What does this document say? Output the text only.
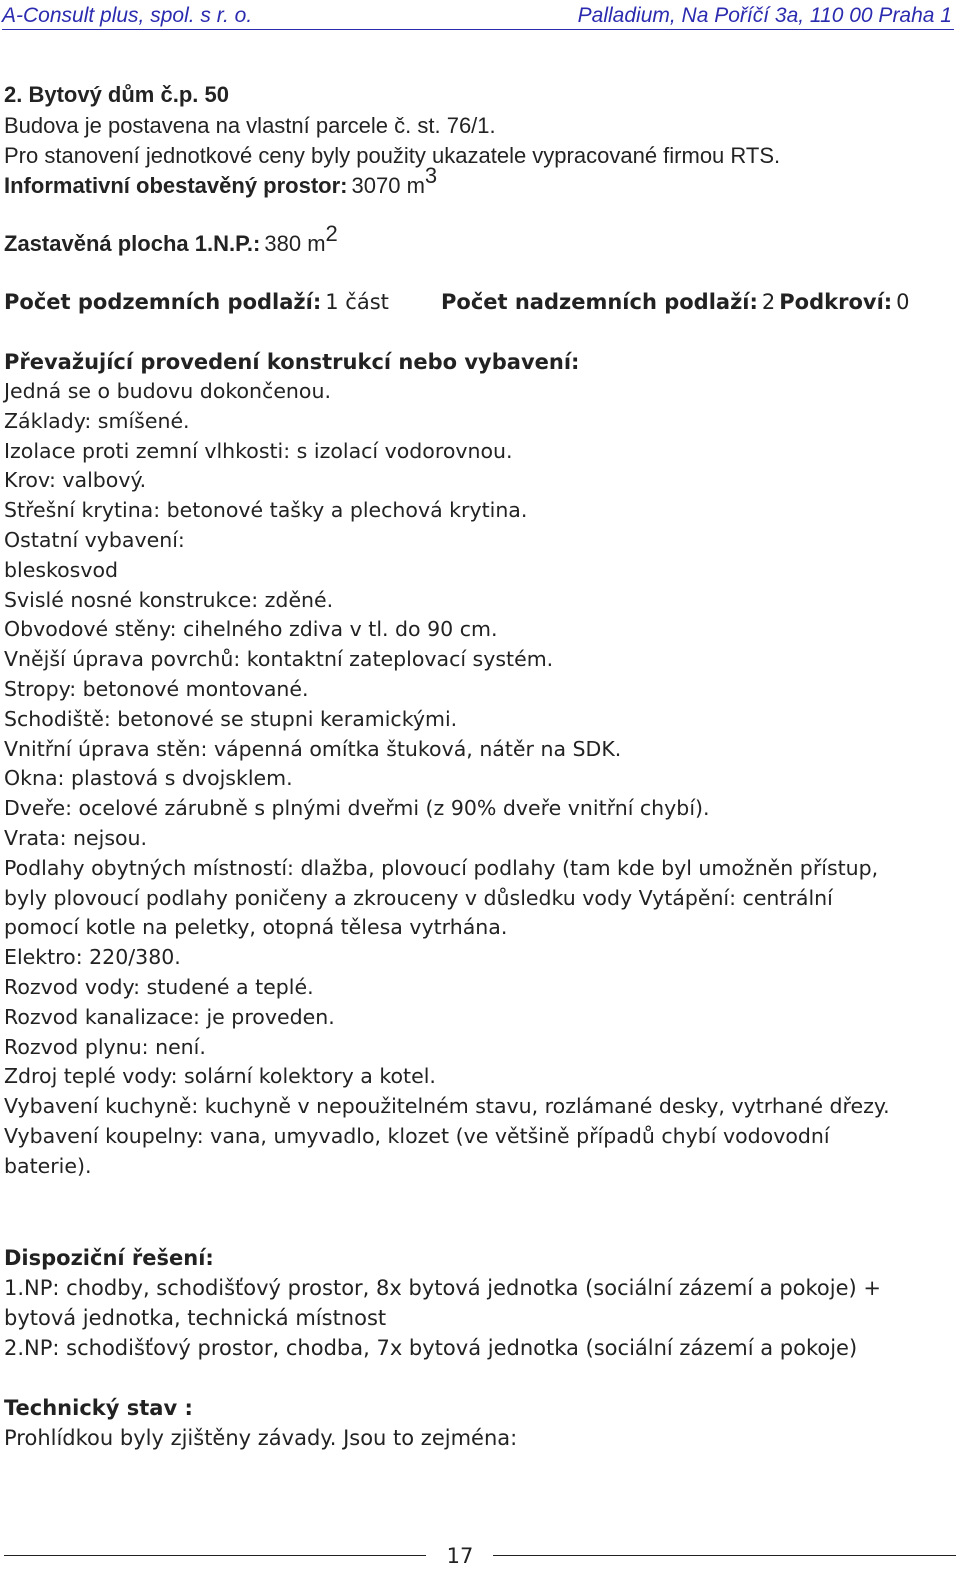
A-Consult plus, spol. s r. o.	Palladium, Na Poříčí 3a, 110 00 Praha 1
2. Bytový dům č.p. 50
Budova je postavena na vlastní parcele č. st. 76/1.
Pro stanovení jednotkové ceny byly použity ukazatele vypracované firmou RTS.
Informativní obestavěný prostor: 3070 $m^3$
Zastavěná plocha 1.N.P.: 380 $m^2$
Počet podzemních podlaží: 1 část Počet nadzemních podlaží: 2 Podkroví: 0
Převažující provedení konstrukcí nebo vybavení:
Jedná se o budovu dokončenou.
Základy: smíšené.
Izolace proti zemní vlhkosti: s izolací vodorovnou.
Krov: valbový.
Střešní krytina: betonové tašky a plechová krytina.
Ostatní vybavení:
bleskosvod
Svislé nosné konstrukce: zděné.
Obvodové stěny: cihelného zdiva v tl. do 90 cm.
Vnější úprava povrchů: kontaktní zateplovací systém.
Stropy: betonové montované.
Schodiště: betonové se stupni keramickými.
Vnitřní úprava stěn: vápenná omítka štuková, nátěr na SDK.
Okna: plastová s dvojsklem.
Dveře: ocelové zárubně s plnými dveřmi (z 90% dveře vnitřní chybí).
Vrata: nejsou.
Podlahy obytných místností: dlažba, plovoucí podlahy (tam kde byl umožněn přístup,
byly plovoucí podlahy poničeny a zkrouceny v důsledku vody Vytápění: centrální
pomocí kotle na peletky, otopná tělesa vytrhána.
Elektro: 220/380.
Rozvod vody: studené a teplé.
Rozvod kanalizace: je proveden.
Rozvod plynu: není.
Zdroj teplé vody: solární kolektory a kotel.
Vybavení kuchyně: kuchyně v nepoužitelném stavu, rozlámané desky, vytrhané dřezy.
Vybavení koupelny: vana, umyvadlo, klozet (ve většině případů chybí vodovodní
baterie).
Dispoziční řešení:
1.NP: chodby, schodišťový prostor, 8x bytová jednotka (sociální zázemí a pokoje) +
bytová jednotka, technická místnost
2.NP: schodišťový prostor, chodba, 7x bytová jednotka (sociální zázemí a pokoje)
Technický stav :
Prohlídkou byly zjištěny závady. Jsou to zejména:
17
